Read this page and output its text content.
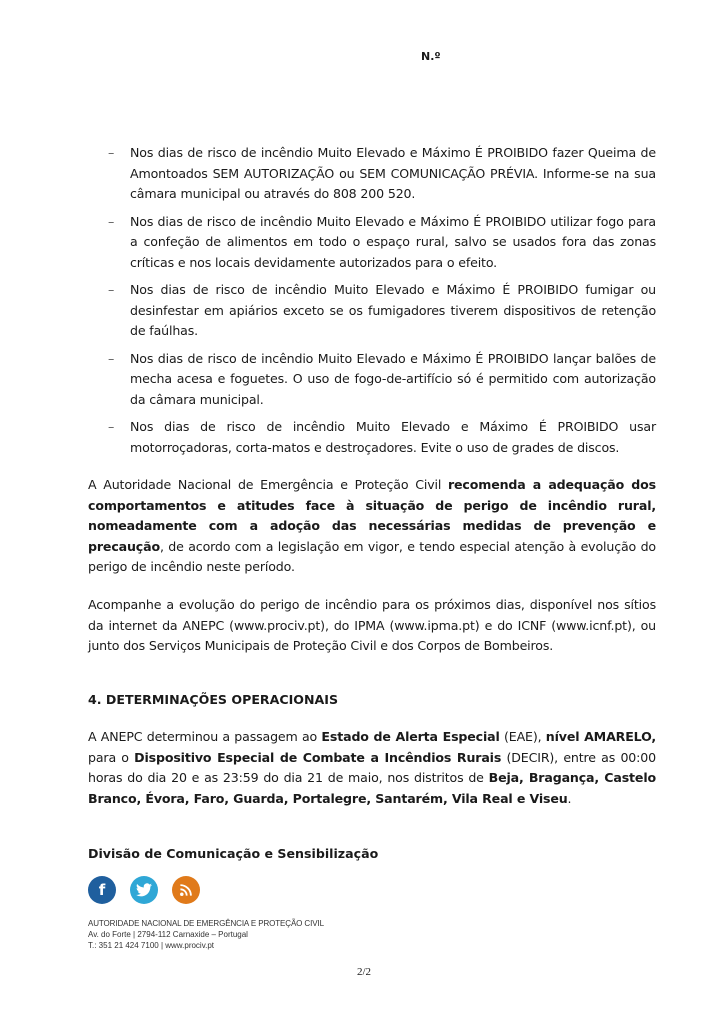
N.º
– Nos dias de risco de incêndio Muito Elevado e Máximo É PROIBIDO fazer Queima de Amontoados SEM AUTORIZAÇÃO ou SEM COMUNICAÇÃO PRÉVIA. Informe-se na sua câmara municipal ou através do 808 200 520.
– Nos dias de risco de incêndio Muito Elevado e Máximo É PROIBIDO utilizar fogo para a confeção de alimentos em todo o espaço rural, salvo se usados fora das zonas críticas e nos locais devidamente autorizados para o efeito.
– Nos dias de risco de incêndio Muito Elevado e Máximo É PROIBIDO fumigar ou desinfestar em apiários exceto se os fumigadores tiverem dispositivos de retenção de faúlhas.
– Nos dias de risco de incêndio Muito Elevado e Máximo É PROIBIDO lançar balões de mecha acesa e foguetes. O uso de fogo-de-artifício só é permitido com autorização da câmara municipal.
– Nos dias de risco de incêndio Muito Elevado e Máximo É PROIBIDO usar motorroçadoras, corta-matos e destroçadores. Evite o uso de grades de discos.

A Autoridade Nacional de Emergência e Proteção Civil recomenda a adequação dos comportamentos e atitudes face à situação de perigo de incêndio rural, nomeadamente com a adoção das necessárias medidas de prevenção e precaução, de acordo com a legislação em vigor, e tendo especial atenção à evolução do perigo de incêndio neste período.

Acompanhe a evolução do perigo de incêndio para os próximos dias, disponível nos sítios da internet da ANEPC (www.prociv.pt), do IPMA (www.ipma.pt) e do ICNF (www.icnf.pt), ou junto dos Serviços Municipais de Proteção Civil e dos Corpos de Bombeiros.

4. DETERMINAÇÕES OPERACIONAIS

A ANEPC determinou a passagem ao Estado de Alerta Especial (EAE), nível AMARELO, para o Dispositivo Especial de Combate a Incêndios Rurais (DECIR), entre as 00:00 horas do dia 20 e as 23:59 do dia 21 de maio, nos distritos de Beja, Bragança, Castelo Branco, Évora, Faro, Guarda, Portalegre, Santarém, Vila Real e Viseu.

Divisão de Comunicação e Sensibilização
f
AUTORIDADE NACIONAL DE EMERGÊNCIA E PROTEÇÃO CIVIL
Av. do Forte | 2794-112 Carnaxide – Portugal
T.: 351 21 424 7100 | www.prociv.pt
2/2
